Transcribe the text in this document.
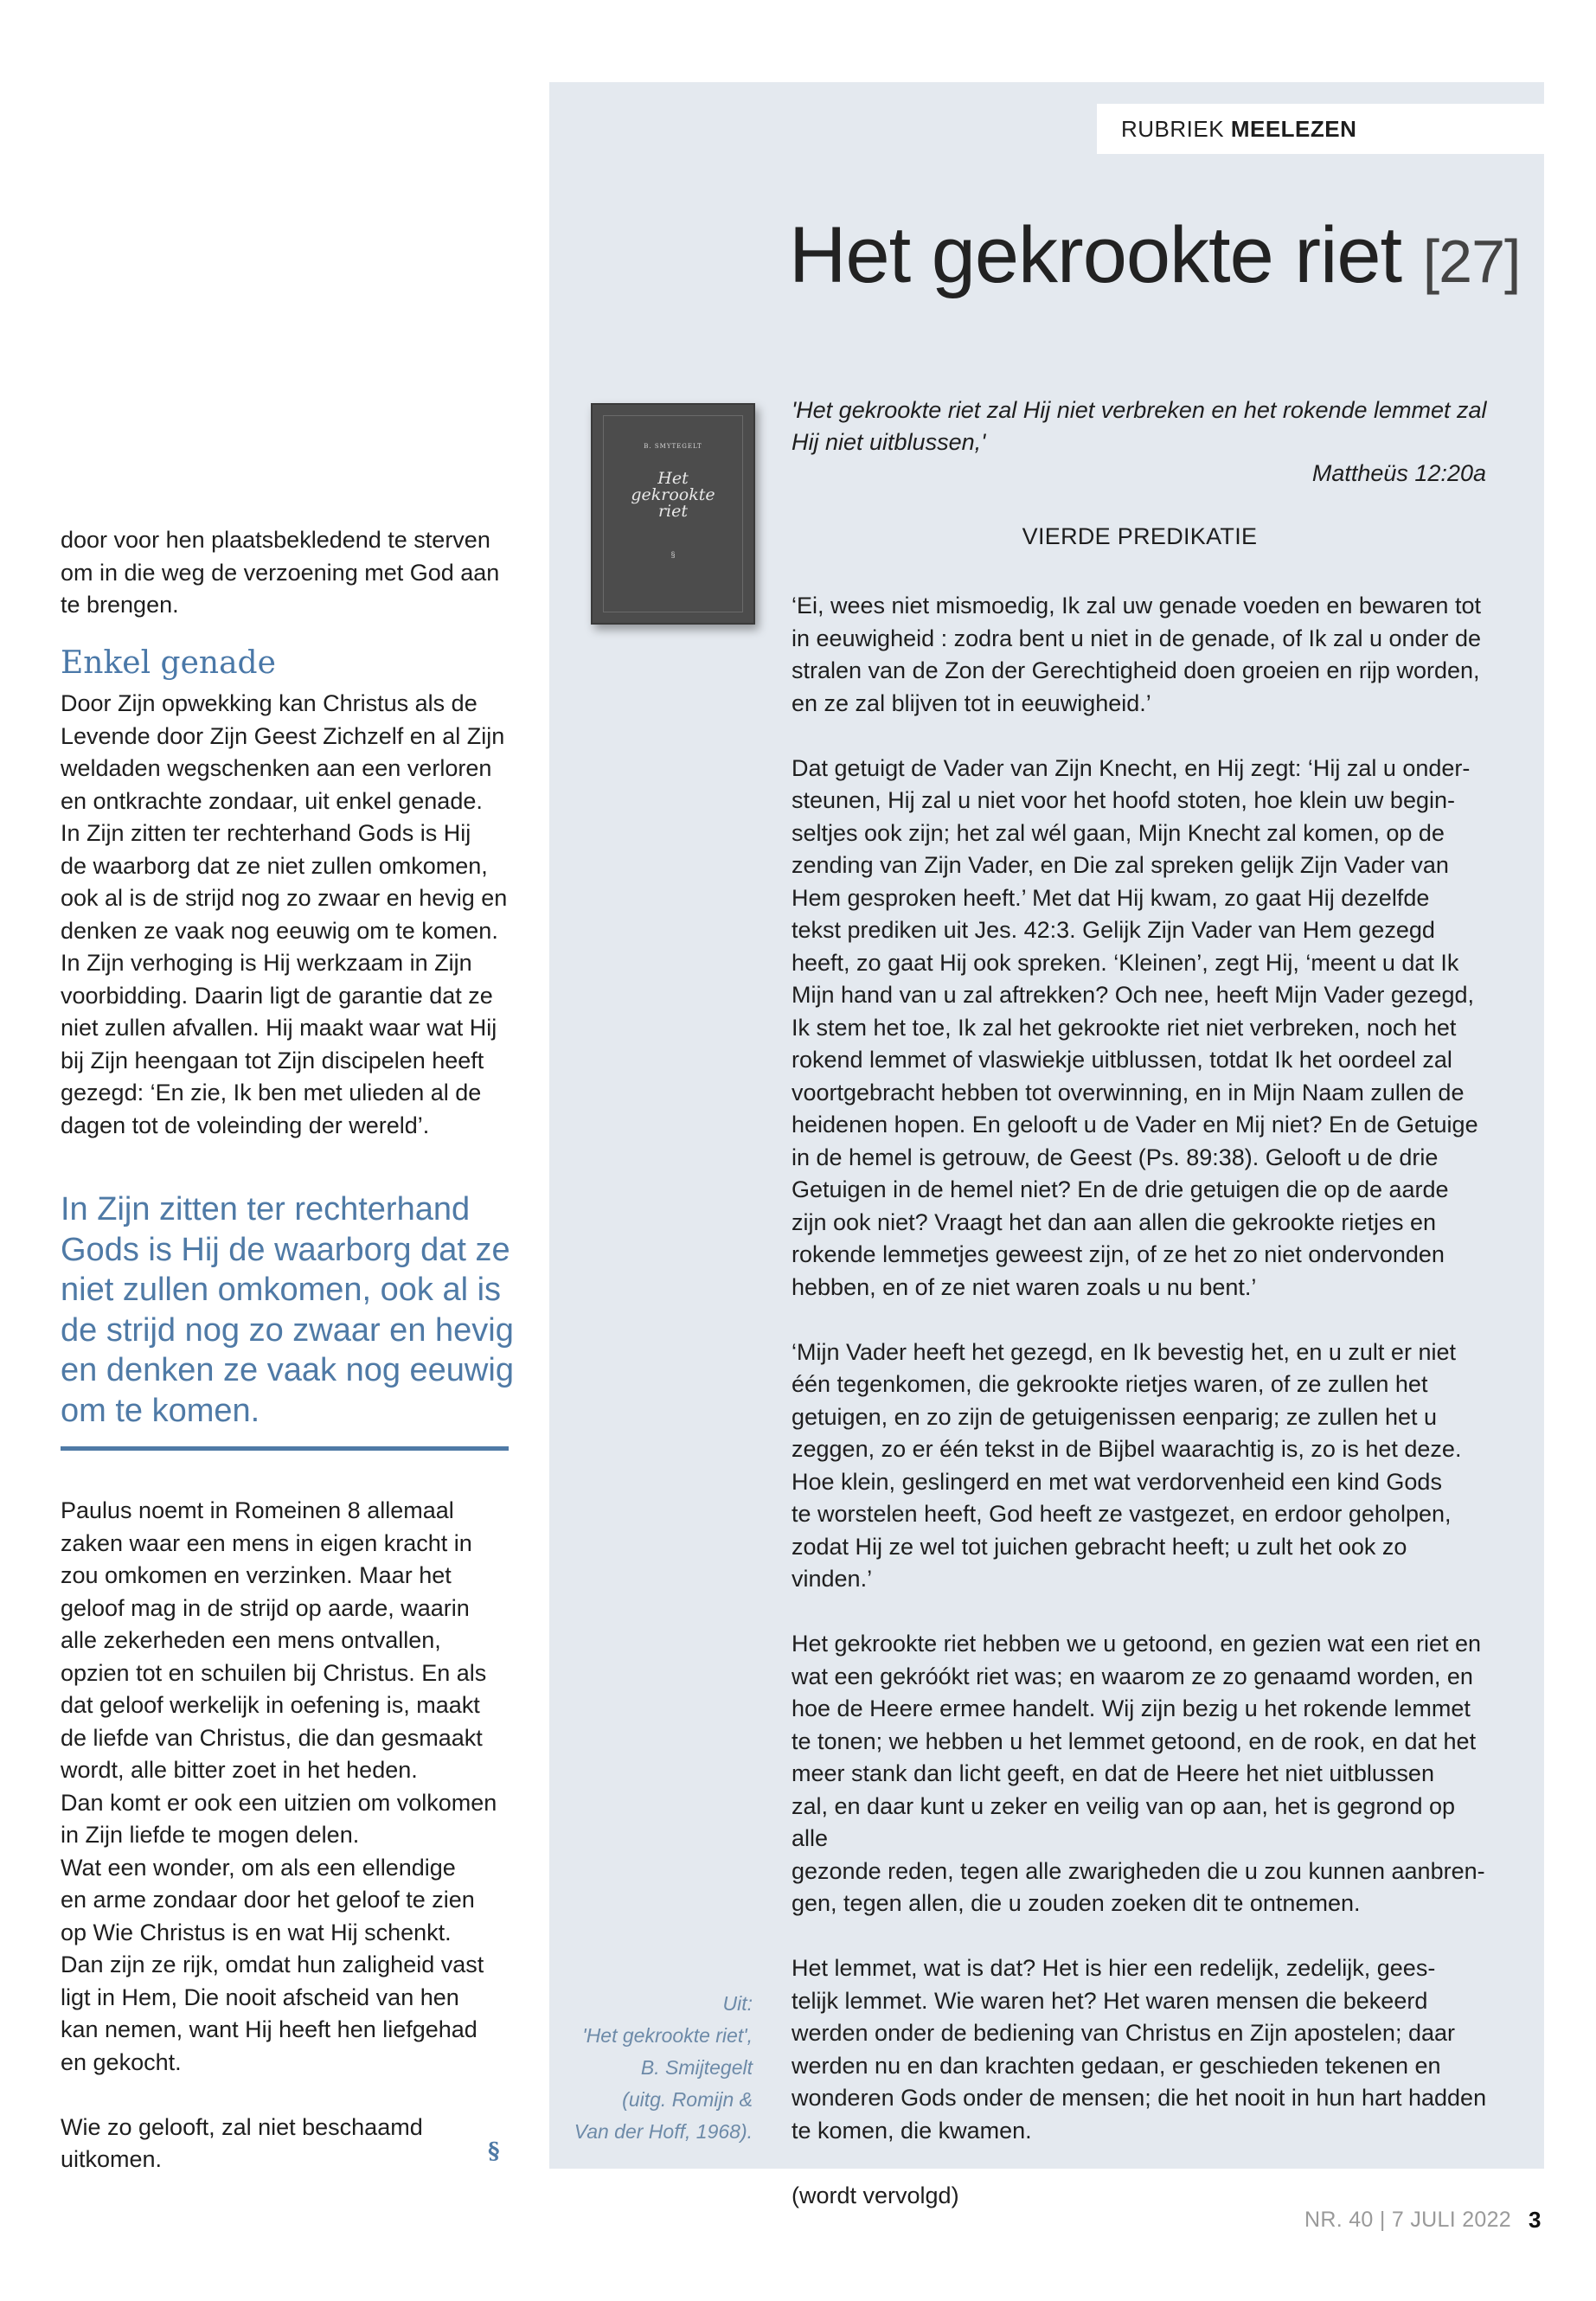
RUBRIEK MEELEZEN
Het gekrookte riet [27]
B. SMYTEGELT
Het
gekrookte
riet
§
Uit:
'Het gekrookte riet',
B. Smijtegelt
(uitg. Romijn &
Van der Hoff, 1968).
'Het gekrookte riet zal Hij niet verbreken en het rokende lemmet zal Hij niet uitblussen,'
Mattheüs 12:20a
VIERDE PREDIKATIE

‘Ei, wees niet mismoedig, Ik zal uw genade voeden en bewaren tot
in eeuwigheid : zodra bent u niet in de genade, of Ik zal u onder de
stralen van de Zon der Gerechtigheid doen groeien en rijp worden,
en ze zal blijven tot in eeuwigheid.’

Dat getuigt de Vader van Zijn Knecht, en Hij zegt: ‘Hij zal u onder-
steunen, Hij zal u niet voor het hoofd stoten, hoe klein uw begin-
seltjes ook zijn; het zal wél gaan, Mijn Knecht zal komen, op de
zending van Zijn Vader, en Die zal spreken gelijk Zijn Vader van
Hem gesproken heeft.’ Met dat Hij kwam, zo gaat Hij dezelfde
tekst prediken uit Jes. 42:3. Gelijk Zijn Vader van Hem gezegd
heeft, zo gaat Hij ook spreken. ‘Kleinen’, zegt Hij, ‘meent u dat Ik
Mijn hand van u zal aftrekken? Och nee, heeft Mijn Vader gezegd,
Ik stem het toe, Ik zal het gekrookte riet niet verbreken, noch het
rokend lemmet of vlaswiekje uitblussen, totdat Ik het oordeel zal
voortgebracht hebben tot overwinning, en in Mijn Naam zullen de
heidenen hopen. En gelooft u de Vader en Mij niet? En de Getuige
in de hemel is getrouw, de Geest (Ps. 89:38). Gelooft u de drie
Getuigen in de hemel niet? En de drie getuigen die op de aarde
zijn ook niet? Vraagt het dan aan allen die gekrookte rietjes en
rokende lemmetjes geweest zijn, of ze het zo niet ondervonden
hebben, en of ze niet waren zoals u nu bent.’

‘Mijn Vader heeft het gezegd, en Ik bevestig het, en u zult er niet
één tegenkomen, die gekrookte rietjes waren, of ze zullen het
getuigen, en zo zijn de getuigenissen eenparig; ze zullen het u
zeggen, zo er één tekst in de Bijbel waarachtig is, zo is het deze.
Hoe klein, geslingerd en met wat verdorvenheid een kind Gods
te worstelen heeft, God heeft ze vastgezet, en erdoor geholpen,
zodat Hij ze wel tot juichen gebracht heeft; u zult het ook zo vinden.’

Het gekrookte riet hebben we u getoond, en gezien wat een riet en
wat een gekróókt riet was; en waarom ze zo genaamd worden, en
hoe de Heere ermee handelt. Wij zijn bezig u het rokende lemmet
te tonen; we hebben u het lemmet getoond, en de rook, en dat het
meer stank dan licht geeft, en dat de Heere het niet uitblussen
zal, en daar kunt u zeker en veilig van op aan, het is gegrond op alle
gezonde reden, tegen alle zwarigheden die u zou kunnen aanbren-
gen, tegen allen, die u zouden zoeken dit te ontnemen.

Het lemmet, wat is dat? Het is hier een redelijk, zedelijk, gees-
telijk lemmet. Wie waren het? Het waren mensen die bekeerd
werden onder de bediening van Christus en Zijn apostelen; daar
werden nu en dan krachten gedaan, er geschieden tekenen en
wonderen Gods onder de mensen; die het nooit in hun hart hadden
te komen, die kwamen.

(wordt vervolgd)

door voor hen plaatsbekledend te sterven
om in die weg de verzoening met God aan
te brengen.

Enkel genade

Door Zijn opwekking kan Christus als de
Levende door Zijn Geest Zichzelf en al Zijn
weldaden wegschenken aan een verloren
en ontkrachte zondaar, uit enkel genade.
In Zijn zitten ter rechterhand Gods is Hij
de waarborg dat ze niet zullen omkomen,
ook al is de strijd nog zo zwaar en hevig en
denken ze vaak nog eeuwig om te komen.
In Zijn verhoging is Hij werkzaam in Zijn
voorbidding. Daarin ligt de garantie dat ze
niet zullen afvallen. Hij maakt waar wat Hij
bij Zijn heengaan tot Zijn discipelen heeft
gezegd: ‘En zie, Ik ben met ulieden al de
dagen tot de voleinding der wereld’.

In Zijn zitten ter rechterhand Gods is Hij de waarborg dat ze niet zullen omkomen, ook al is de strijd nog zo zwaar en hevig en denken ze vaak nog eeuwig om te komen.

Paulus noemt in Romeinen 8 allemaal
zaken waar een mens in eigen kracht in
zou omkomen en verzinken. Maar het
geloof mag in de strijd op aarde, waarin
alle zekerheden een mens ontvallen,
opzien tot en schuilen bij Christus. En als
dat geloof werkelijk in oefening is, maakt
de liefde van Christus, die dan gesmaakt
wordt, alle bitter zoet in het heden.
Dan komt er ook een uitzien om volkomen
in Zijn liefde te mogen delen.
Wat een wonder, om als een ellendige
en arme zondaar door het geloof te zien
op Wie Christus is en wat Hij schenkt.
Dan zijn ze rijk, omdat hun zaligheid vast
ligt in Hem, Die nooit afscheid van hen
kan nemen, want Hij heeft hen liefgehad
en gekocht.

Wie zo gelooft, zal niet beschaamd
uitkomen.	§
NR. 40 | 7 JULI 2022 3
